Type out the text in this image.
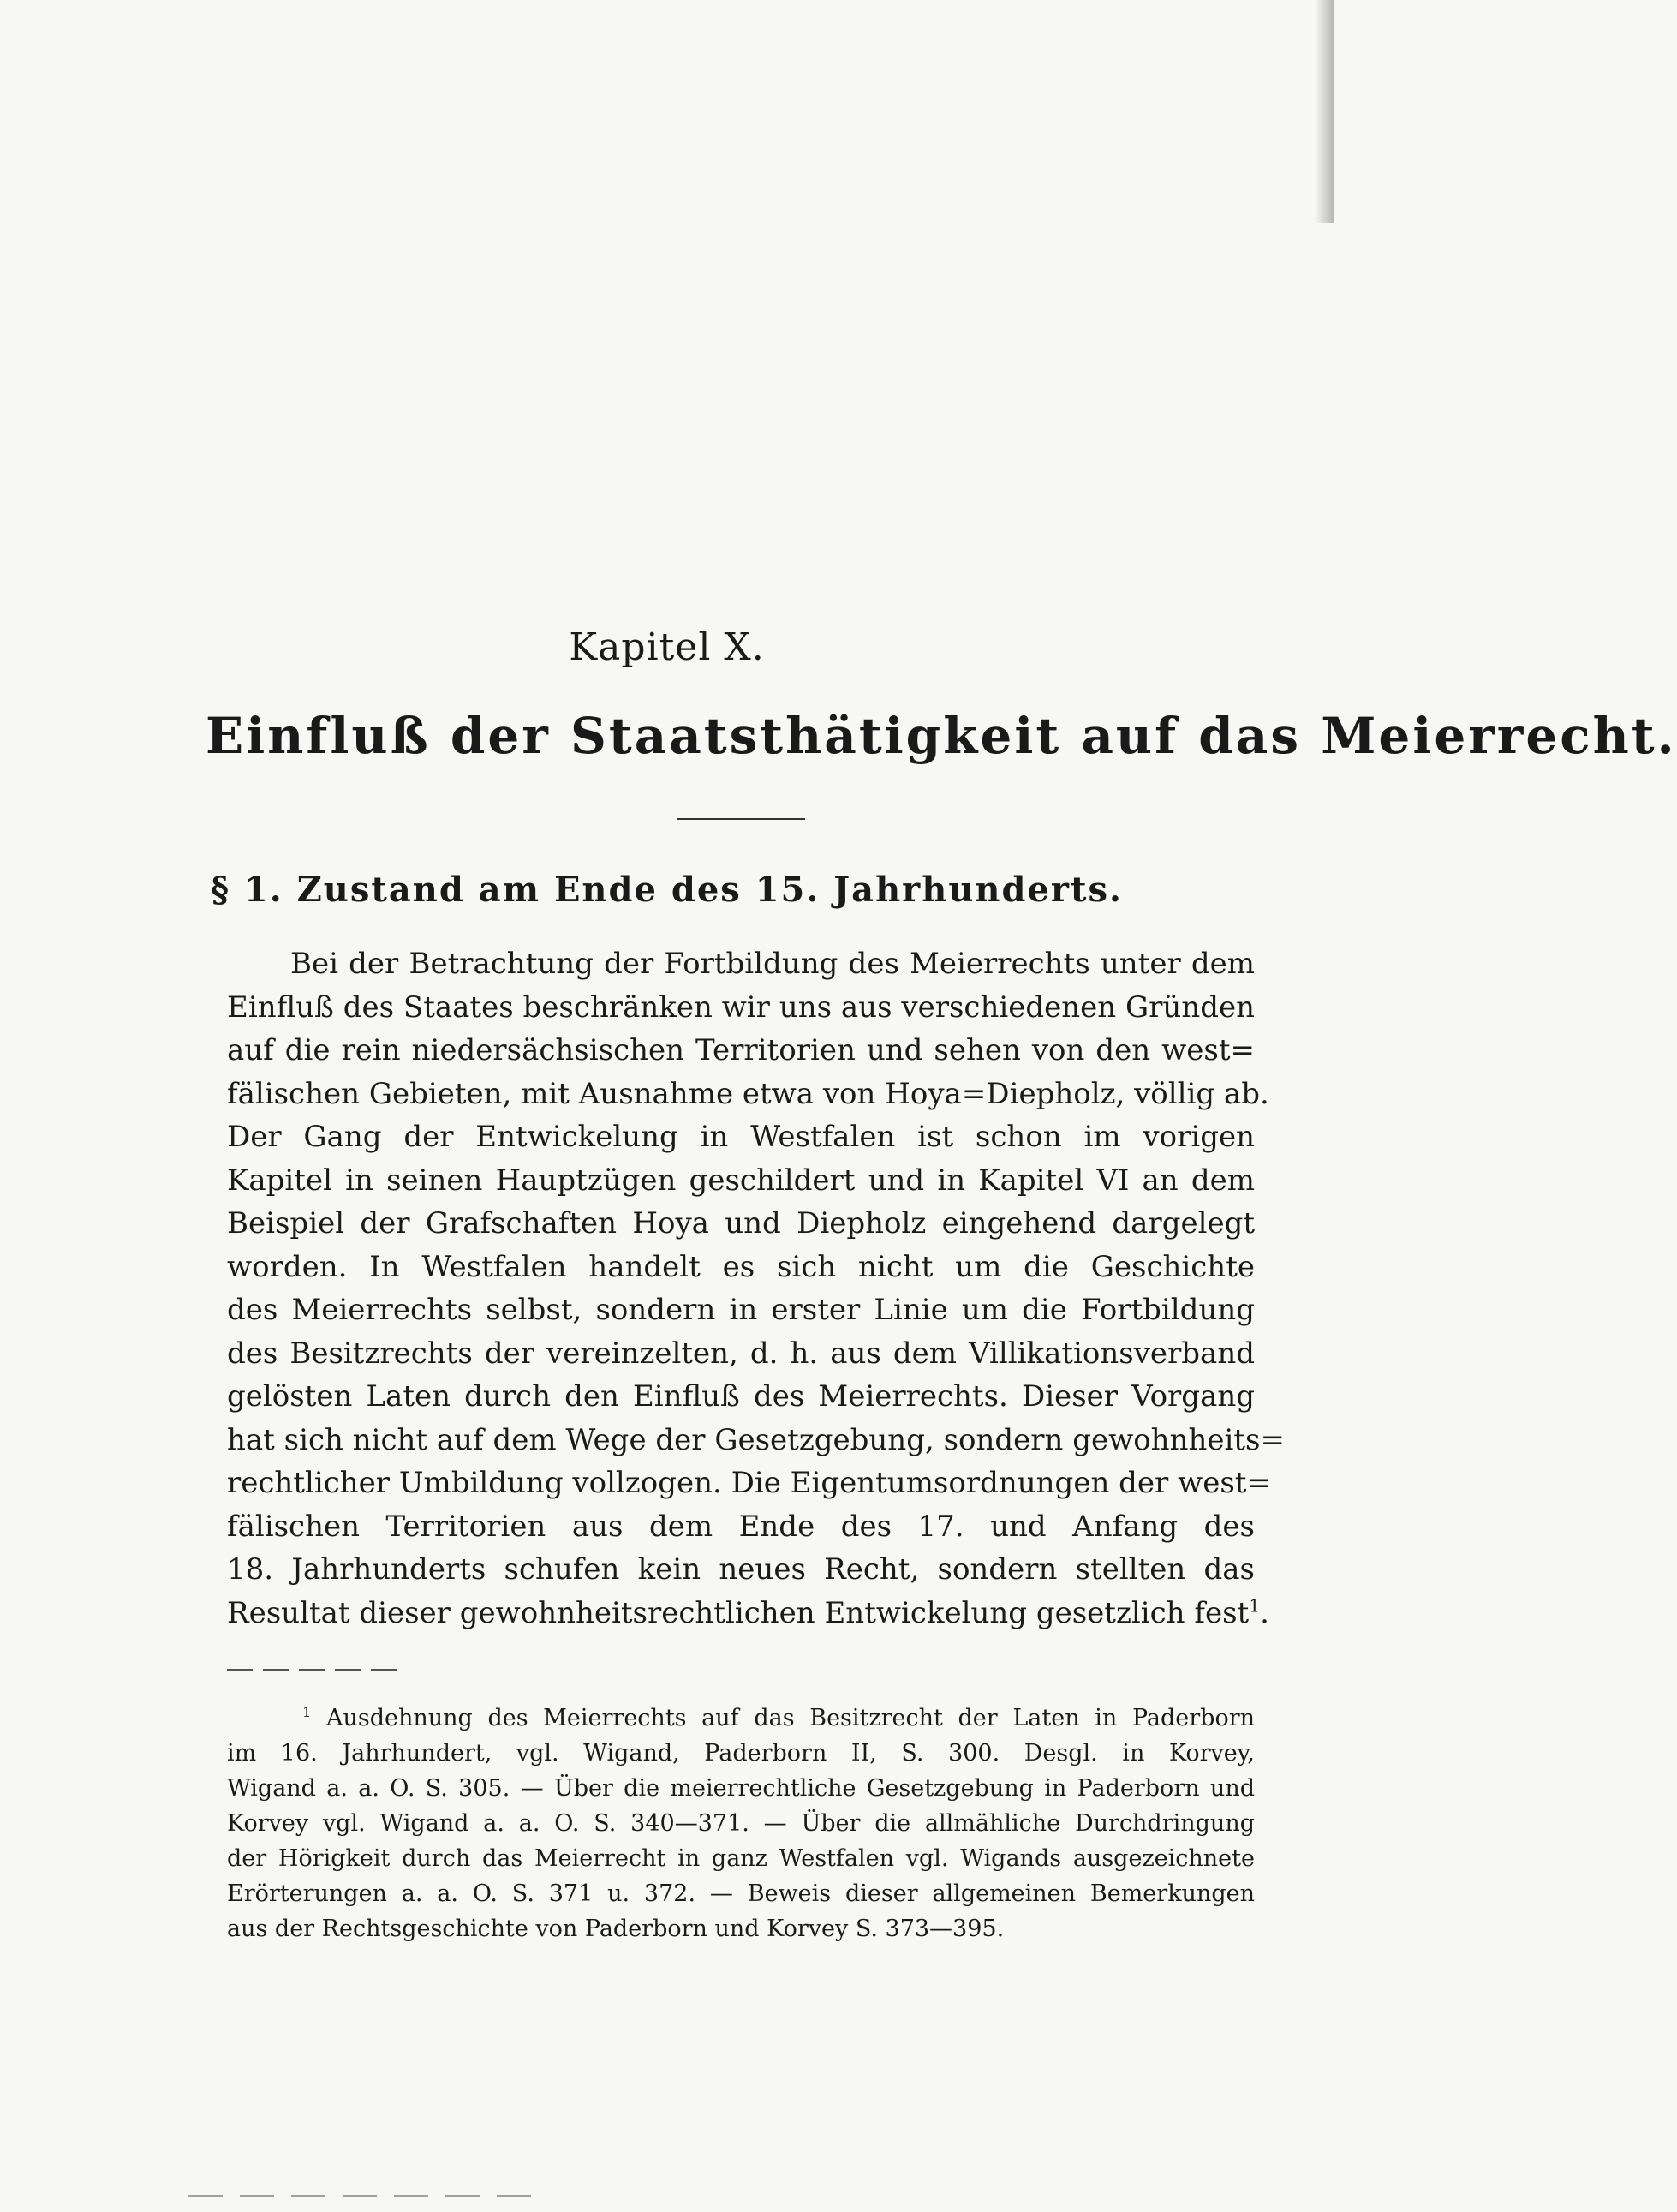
Kapitel X.
Einfluß der Staatsthätigkeit auf das Meierrecht.
§ 1. Zustand am Ende des 15. Jahrhunderts.
Bei der Betrachtung der Fortbildung des Meierrechts unter dem
Einfluß des Staates beschränken wir uns aus verschiedenen Gründen
auf die rein niedersächsischen Territorien und sehen von den west=
fälischen Gebieten, mit Ausnahme etwa von Hoya=Diepholz, völlig ab.
Der Gang der Entwickelung in Westfalen ist schon im vorigen
Kapitel in seinen Hauptzügen geschildert und in Kapitel VI an dem
Beispiel der Grafschaften Hoya und Diepholz eingehend dargelegt
worden. In Westfalen handelt es sich nicht um die Geschichte
des Meierrechts selbst, sondern in erster Linie um die Fortbildung
des Besitzrechts der vereinzelten, d. h. aus dem Villikationsverband
gelösten Laten durch den Einfluß des Meierrechts. Dieser Vorgang
hat sich nicht auf dem Wege der Gesetzgebung, sondern gewohnheits=
rechtlicher Umbildung vollzogen. Die Eigentumsordnungen der west=
fälischen Territorien aus dem Ende des 17. und Anfang des
18. Jahrhunderts schufen kein neues Recht, sondern stellten das
Resultat dieser gewohnheitsrechtlichen Entwickelung gesetzlich fest$^1$.
$^1$ Ausdehnung des Meierrechts auf das Besitzrecht der Laten in Paderborn
im 16. Jahrhundert, vgl. Wigand, Paderborn II, S. 300. Desgl. in Korvey,
Wigand a. a. O. S. 305. — Über die meierrechtliche Gesetzgebung in Paderborn und
Korvey vgl. Wigand a. a. O. S. 340—371. — Über die allmähliche Durchdringung
der Hörigkeit durch das Meierrecht in ganz Westfalen vgl. Wigands ausgezeichnete
Erörterungen a. a. O. S. 371 u. 372. — Beweis dieser allgemeinen Bemerkungen
aus der Rechtsgeschichte von Paderborn und Korvey S. 373—395.
